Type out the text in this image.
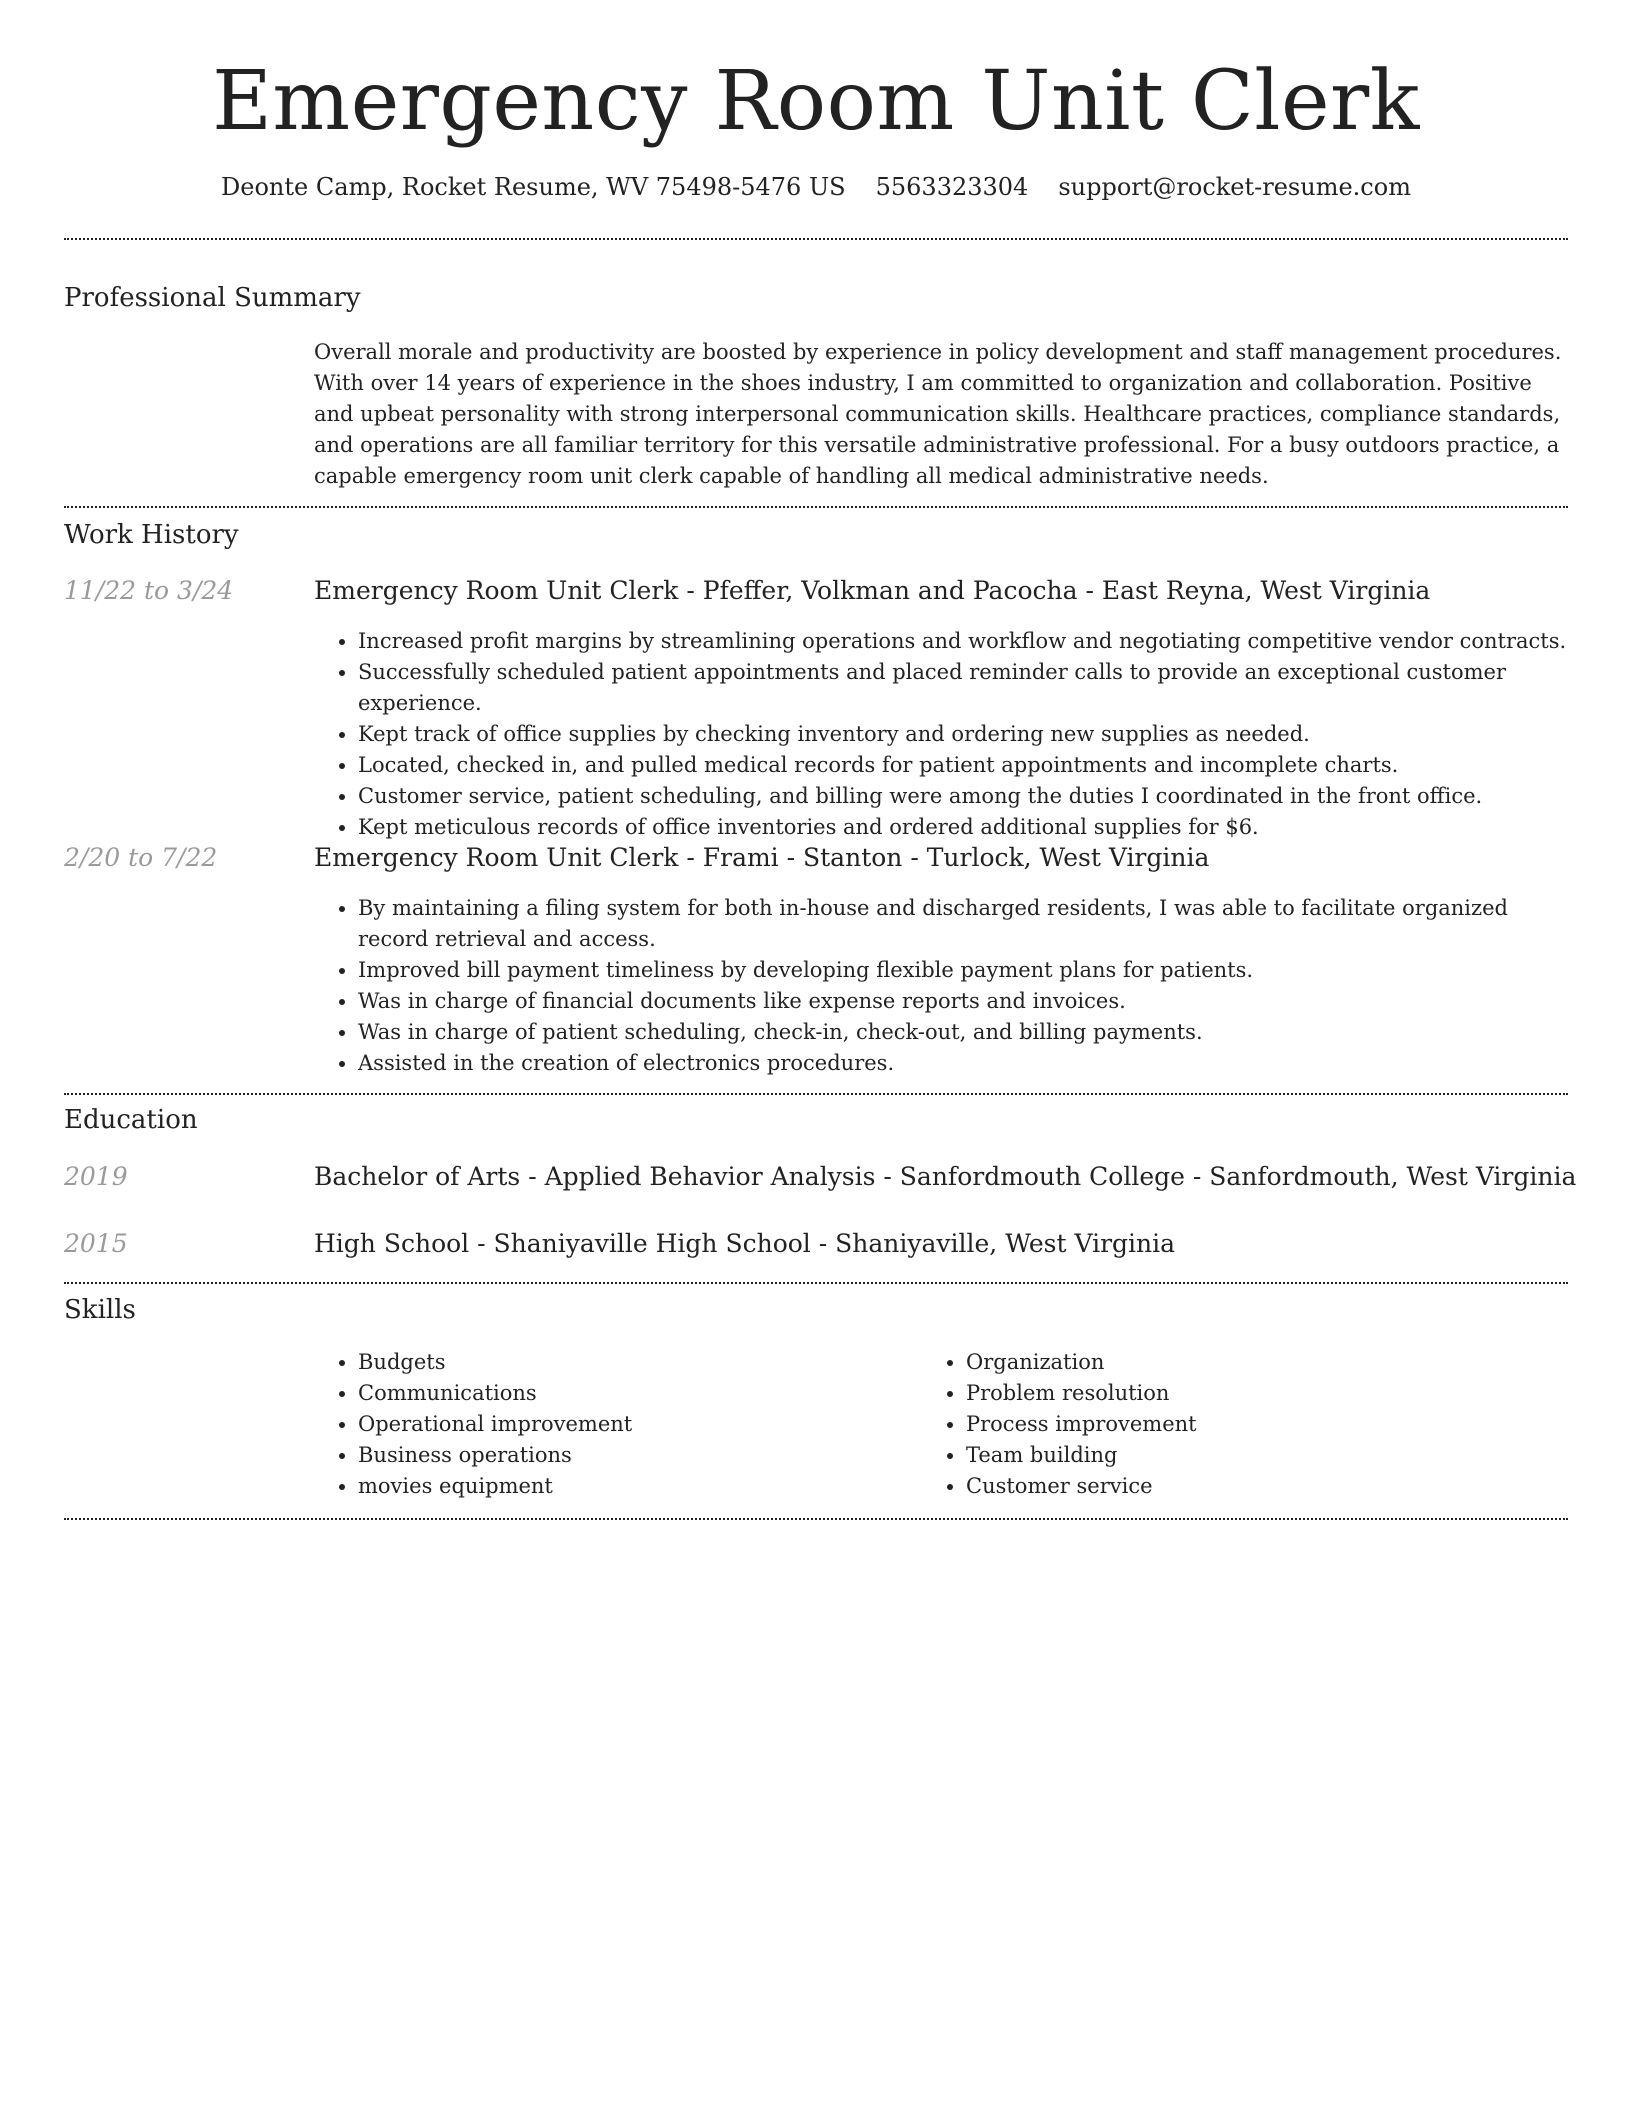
Emergency Room Unit Clerk
Deonte Camp, Rocket Resume, WV 75498-5476 US 5563323304 support@rocket-resume.com
Professional Summary
Overall morale and productivity are boosted by experience in policy development and staff management procedures. With over 14 years of experience in the shoes industry, I am committed to organization and collaboration. Positive and upbeat personality with strong interpersonal communication skills. Healthcare practices, compliance standards, and operations are all familiar territory for this versatile administrative professional. For a busy outdoors practice, a capable emergency room unit clerk capable of handling all medical administrative needs.
Work History
11/22 to 3/24	Emergency Room Unit Clerk - Pfeffer, Volkman and Pacocha - East Reyna, West Virginia
• Increased profit margins by streamlining operations and workflow and negotiating competitive vendor contracts.
• Successfully scheduled patient appointments and placed reminder calls to provide an exceptional customer experience.
• Kept track of office supplies by checking inventory and ordering new supplies as needed.
• Located, checked in, and pulled medical records for patient appointments and incomplete charts.
• Customer service, patient scheduling, and billing were among the duties I coordinated in the front office.
• Kept meticulous records of office inventories and ordered additional supplies for $6.
2/20 to 7/22	Emergency Room Unit Clerk - Frami - Stanton - Turlock, West Virginia
• By maintaining a filing system for both in-house and discharged residents, I was able to facilitate organized record retrieval and access.
• Improved bill payment timeliness by developing flexible payment plans for patients.
• Was in charge of financial documents like expense reports and invoices.
• Was in charge of patient scheduling, check-in, check-out, and billing payments.
• Assisted in the creation of electronics procedures.
Education
2019	Bachelor of Arts - Applied Behavior Analysis - Sanfordmouth College - Sanfordmouth, West Virginia
2015	High School - Shaniyaville High School - Shaniyaville, West Virginia
Skills
• Budgets
• Communications
• Operational improvement
• Business operations
• movies equipment
• Organization
• Problem resolution
• Process improvement
• Team building
• Customer service
